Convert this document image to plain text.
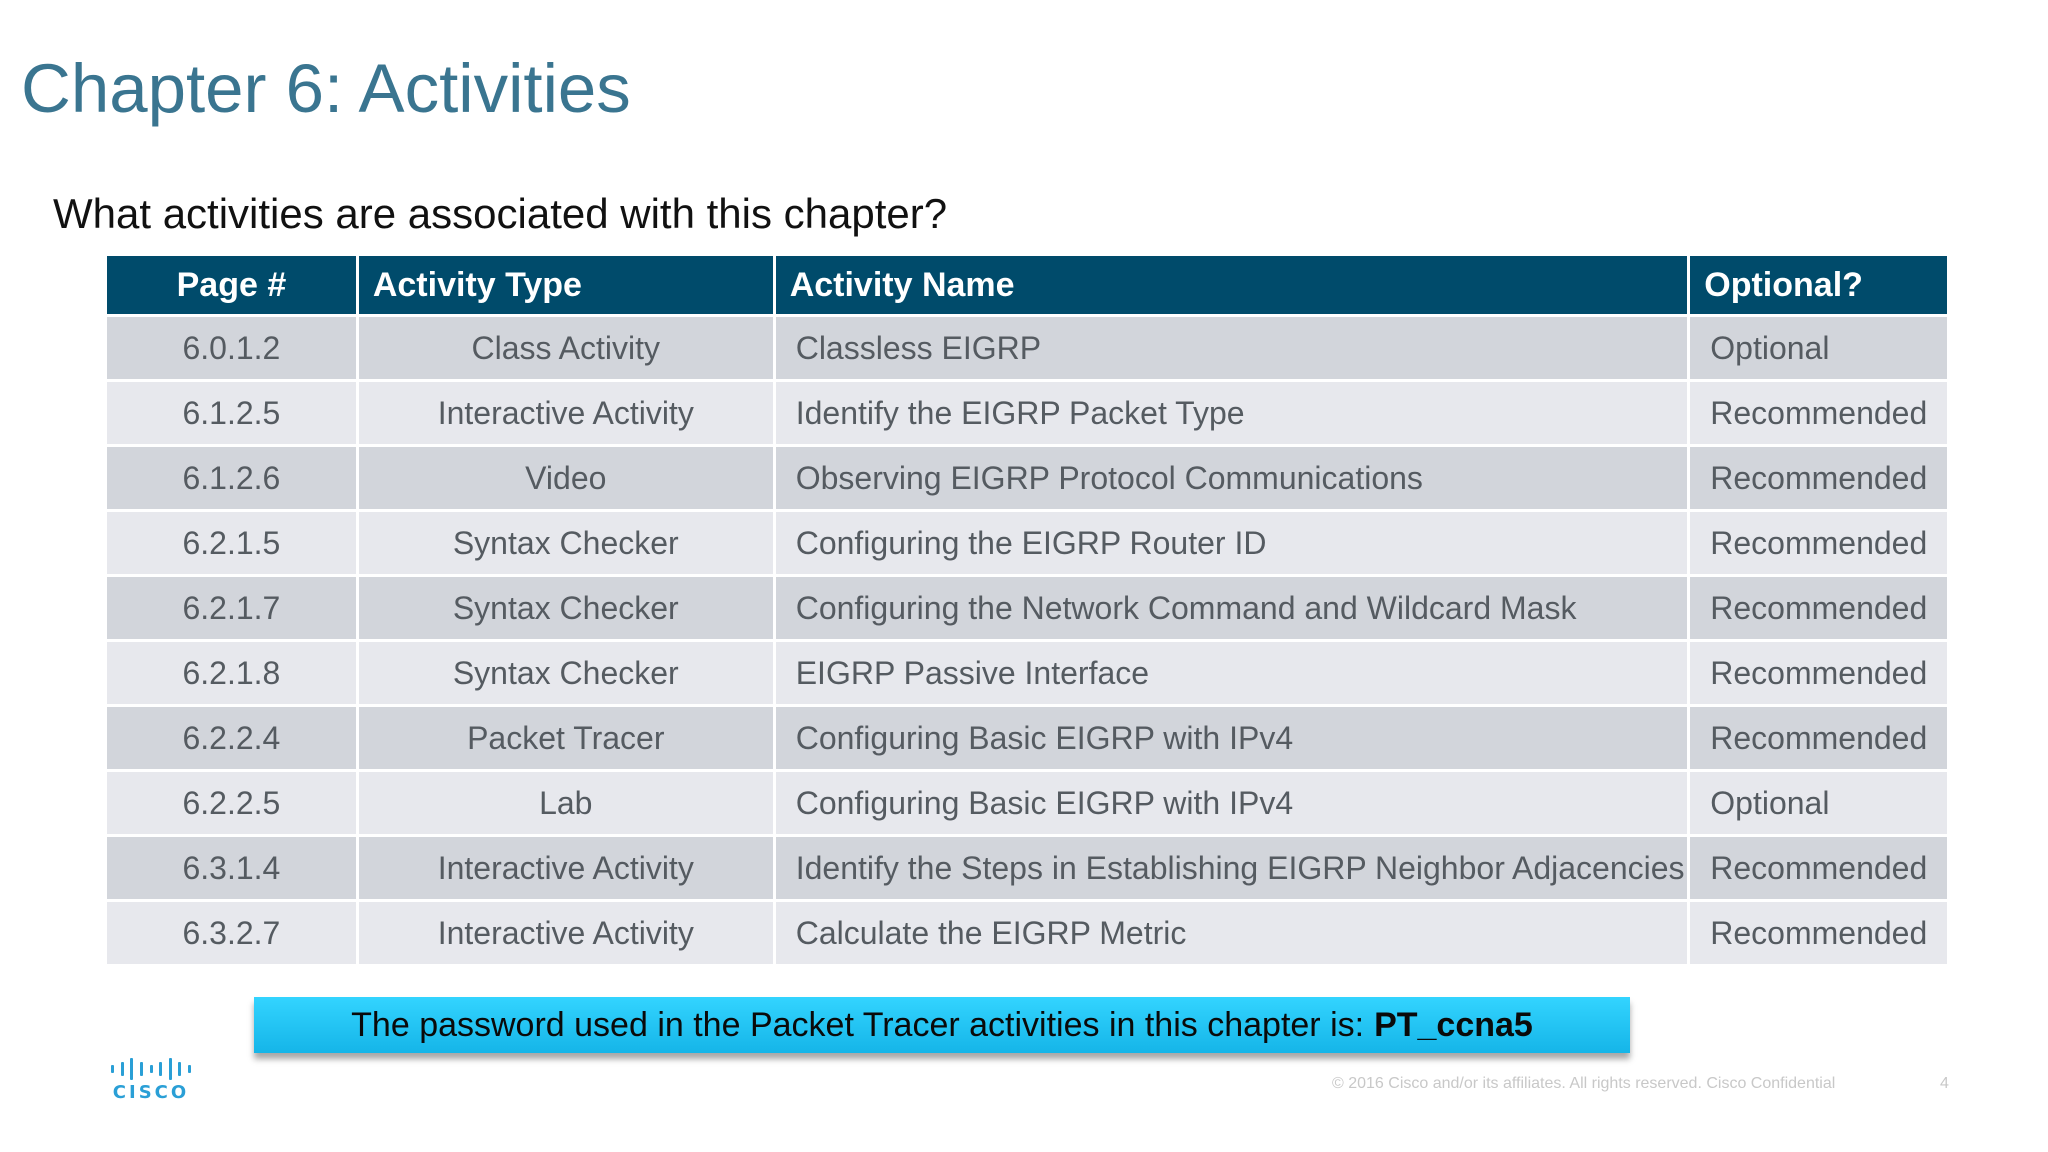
Chapter 6: Activities
What activities are associated with this chapter?
Page #	Activity Type	Activity Name	Optional?
6.0.1.2	Class Activity	Classless EIGRP	Optional
6.1.2.5	Interactive Activity	Identify the EIGRP Packet Type	Recommended
6.1.2.6	Video	Observing EIGRP Protocol Communications	Recommended
6.2.1.5	Syntax Checker	Configuring the EIGRP Router ID	Recommended
6.2.1.7	Syntax Checker	Configuring the Network Command and Wildcard Mask	Recommended
6.2.1.8	Syntax Checker	EIGRP Passive Interface	Recommended
6.2.2.4	Packet Tracer	Configuring Basic EIGRP with IPv4	Recommended
6.2.2.5	Lab	Configuring Basic EIGRP with IPv4	Optional
6.3.1.4	Interactive Activity	Identify the Steps in Establishing EIGRP Neighbor Adjacencies	Recommended
6.3.2.7	Interactive Activity	Calculate the EIGRP Metric	Recommended
The password used in the Packet Tracer activities in this chapter is: PT_ccna5
CISCO	© 2016 Cisco and/or its affiliates. All rights reserved. Cisco Confidential	4
